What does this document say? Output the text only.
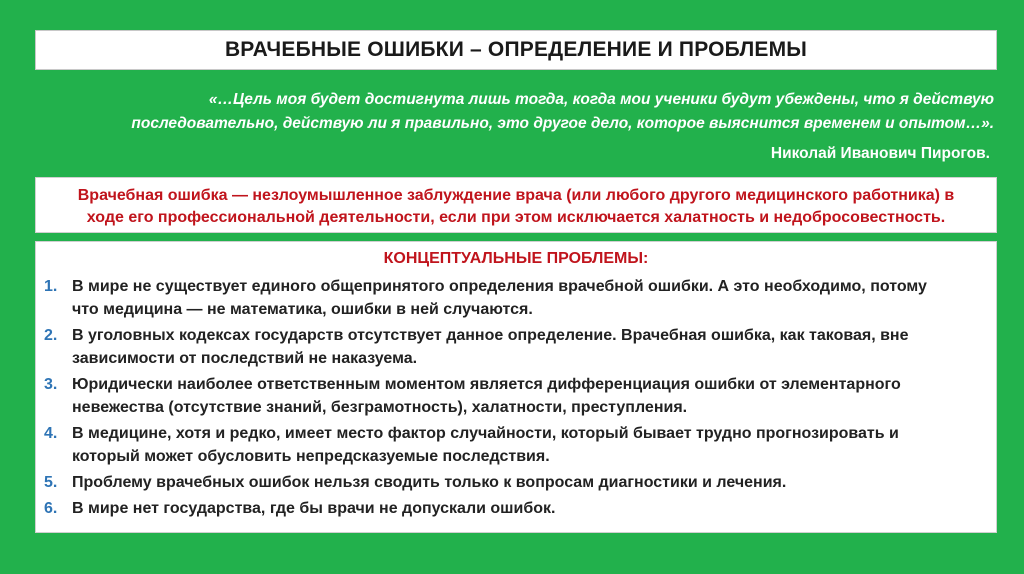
ВРАЧЕБНЫЕ ОШИБКИ – ОПРЕДЕЛЕНИЕ И ПРОБЛЕМЫ
«…Цель моя будет достигнута лишь тогда, когда мои ученики будут убеждены, что я действую
последовательно, действую ли я правильно, это другое дело, которое выяснится временем и опытом…».
Николай Иванович Пирогов.
Врачебная ошибка — незлоумышленное заблуждение врача (или любого другого медицинского работника) в
ходе его профессиональной деятельности, если при этом исключается халатность и недобросовестность.
КОНЦЕПТУАЛЬНЫЕ ПРОБЛЕМЫ:
1. В мире не существует единого общепринятого определения врачебной ошибки. А это необходимо, потому
что медицина — не математика, ошибки в ней случаются.
2. В уголовных кодексах государств отсутствует данное определение. Врачебная ошибка, как таковая, вне
зависимости от последствий не наказуема.
3. Юридически наиболее ответственным моментом является дифференциация ошибки от элементарного
невежества (отсутствие знаний, безграмотность), халатности, преступления.
4. В медицине, хотя и редко, имеет место фактор случайности, который бывает трудно прогнозировать и
который может обусловить непредсказуемые последствия.
5. Проблему врачебных ошибок нельзя сводить только к вопросам диагностики и лечения.
6. В мире нет государства, где бы врачи не допускали ошибок.
